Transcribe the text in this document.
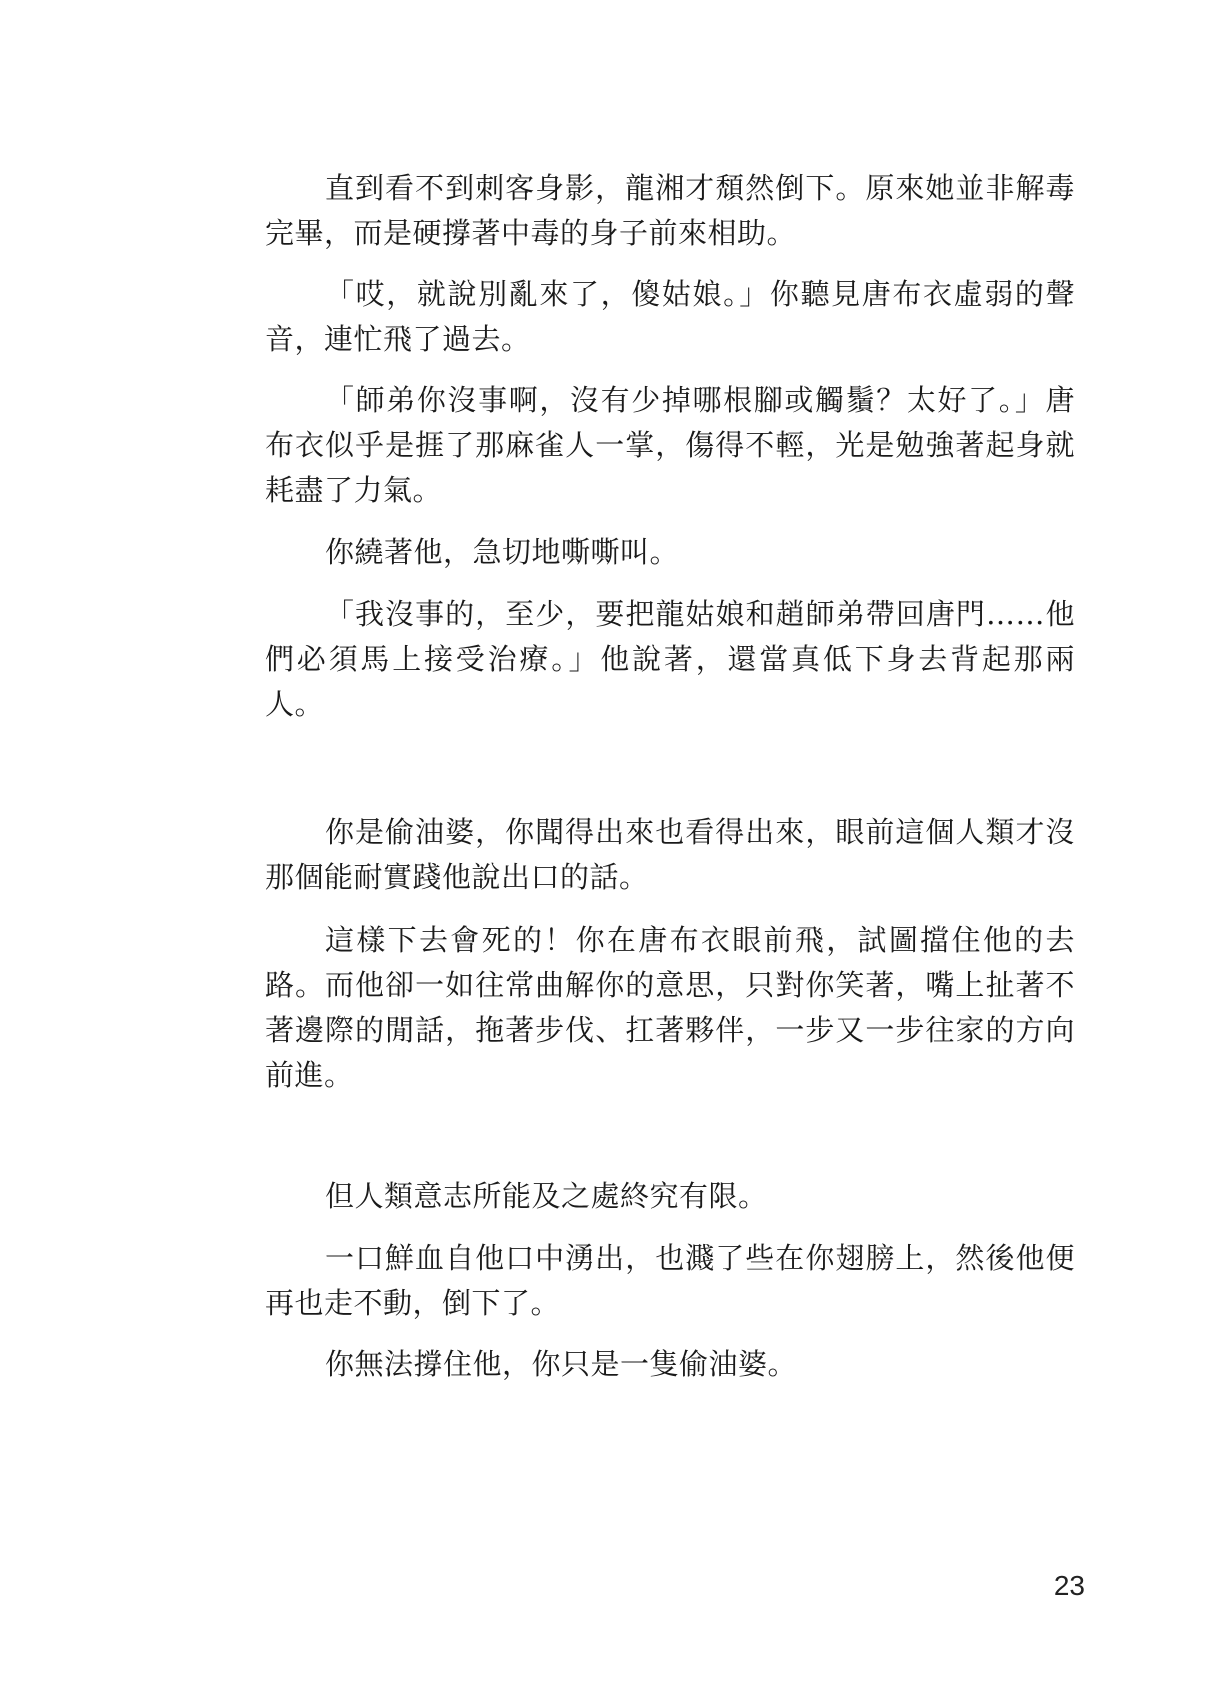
直到看不到刺客身影，龍湘才頹然倒下。原來她並非解毒完畢，而是硬撐著中毒的身子前來相助。

「哎，就說別亂來了，傻姑娘。」你聽見唐布衣虛弱的聲音，連忙飛了過去。

「師弟你沒事啊，沒有少掉哪根腳或觸鬚？太好了。」唐布衣似乎是捱了那麻雀人一掌，傷得不輕，光是勉強著起身就耗盡了力氣。

你繞著他，急切地嘶嘶叫。

「我沒事的，至少，要把龍姑娘和趙師弟帶回唐門……他們必須馬上接受治療。」他說著，還當真低下身去背起那兩人。

你是偷油婆，你聞得出來也看得出來，眼前這個人類才沒那個能耐實踐他說出口的話。

這樣下去會死的！你在唐布衣眼前飛，試圖擋住他的去路。而他卻一如往常曲解你的意思，只對你笑著，嘴上扯著不著邊際的閒話，拖著步伐、扛著夥伴，一步又一步往家的方向前進。

但人類意志所能及之處終究有限。

一口鮮血自他口中湧出，也濺了些在你翅膀上，然後他便再也走不動，倒下了。

你無法撐住他，你只是一隻偷油婆。

23
